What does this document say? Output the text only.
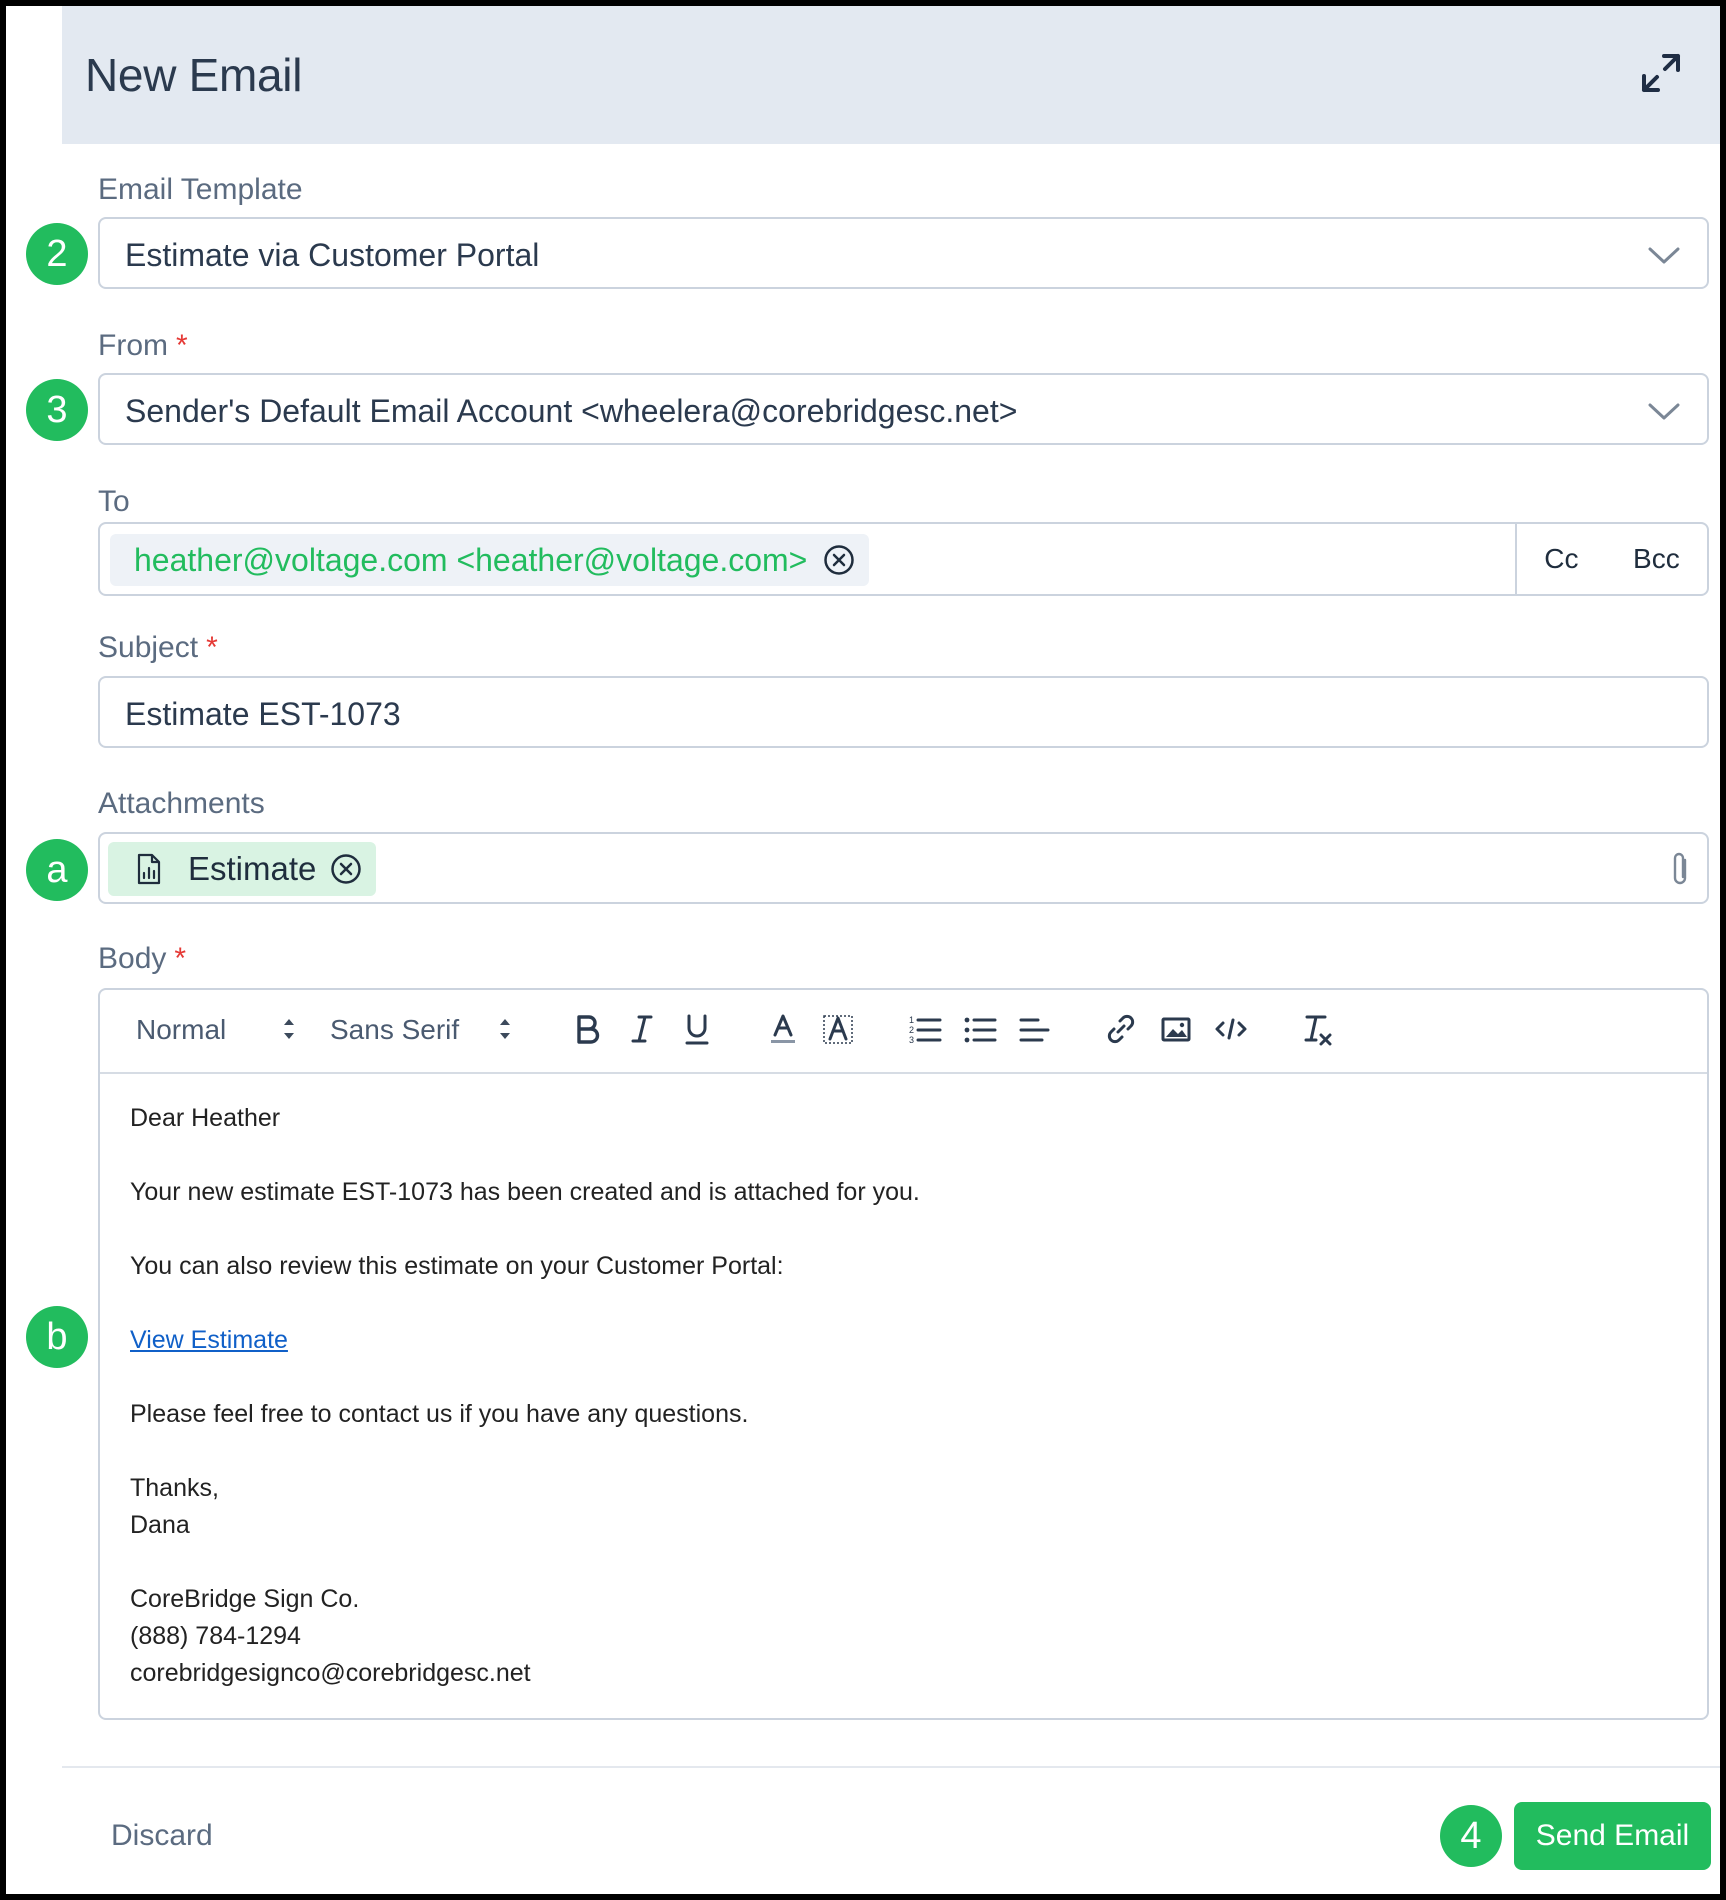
New Email
Email Template
2	Estimate via Customer Portal
From *
3	Sender's Default Email Account <wheelera@corebridgesc.net>
To
heather@voltage.com <heather@voltage.com>	Cc Bcc
Subject *
Estimate EST-1073
Attachments
a	Estimate
Body *
b
Normal	Sans Serif	1
2
3

Dear Heather

Your new estimate EST-1073 has been created and is attached for you.

You can also review this estimate on your Customer Portal:

View Estimate

Please feel free to contact us if you have any questions.

Thanks,

Dana

CoreBridge Sign Co.

(888) 784-1294

corebridgesignco@corebridgesc.net

Discard	4	Send Email
